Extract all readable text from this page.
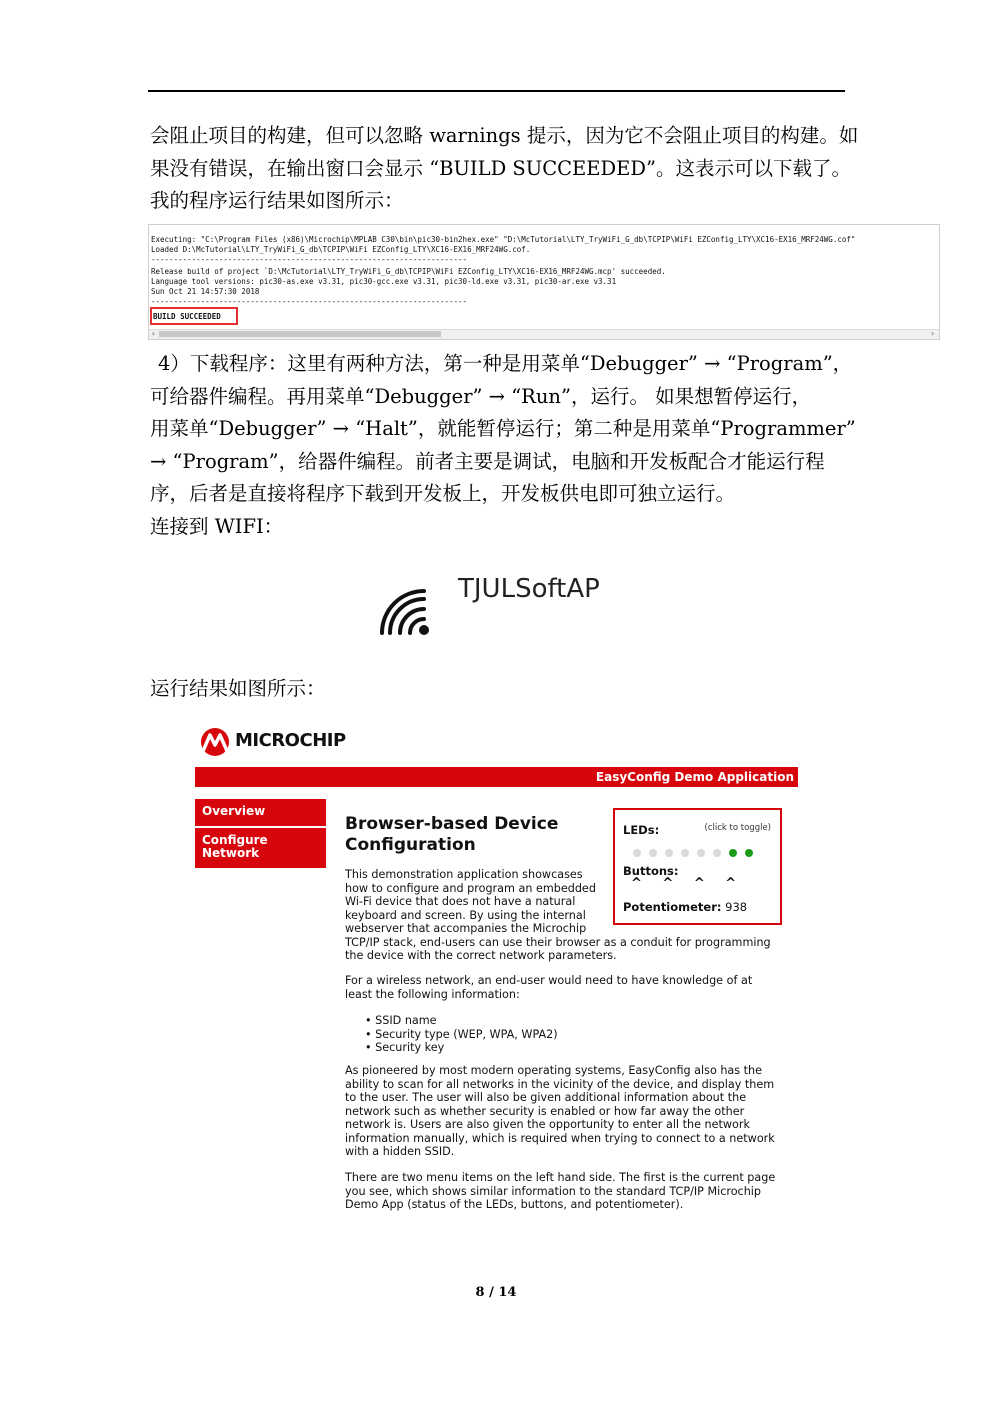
会阻止项目的构建，但可以忽略 warnings 提示，因为它不会阻止项目的构建。如

果没有错误，在输出窗口会显示 “BUILD SUCCEEDED”。这表示可以下载了。

我的程序运行结果如图所示：

Executing: "C:\Program Files (x86)\Microchip\MPLAB C30\bin\pic30-bin2hex.exe" "D:\McTutorial\LTY_TryWiFi_G_db\TCPIP\WiFi EZConfig_LTY\XC16-EX16_MRF24WG.cof"
Loaded D:\McTutorial\LTY_TryWiFi_G_db\TCPIP\WiFi EZConfig_LTY\XC16-EX16_MRF24WG.cof.
----------------------------------------------------------------------
Release build of project `D:\McTutorial\LTY_TryWiFi_G_db\TCPIP\WiFi EZConfig_LTY\XC16-EX16_MRF24WG.mcp' succeeded.
Language tool versions: pic30-as.exe v3.31, pic30-gcc.exe v3.31, pic30-ld.exe v3.31, pic30-ar.exe v3.31
Sun Oct 21 14:57:30 2018
----------------------------------------------------------------------
BUILD SUCCEEDED
‹	›

4）下载程序：这里有两种方法，第一种是用菜单“Debugger” → “Program”，

可给器件编程。再用菜单“Debugger” → “Run”，运行。 如果想暂停运行，

用菜单“Debugger” → “Halt”，就能暂停运行；第二种是用菜单“Programmer”

→ “Program”，给器件编程。前者主要是调试，电脑和开发板配合才能运行程

序，后者是直接将程序下载到开发板上，开发板供电即可独立运行。

连接到 WIFI：

TJULSoftAP

运行结果如图所示：

MICROCHIP
EasyConfig Demo Application
Overview
Configure Network
Browser-based Device
Configuration
LEDs:	(click to toggle)
Buttons:
^ ^ ^ ^
Potentiometer: 938
This demonstration application showcases
how to configure and program an embedded
Wi-Fi device that does not have a natural
keyboard and screen. By using the internal
webserver that accompanies the Microchip
TCP/IP stack, end-users can use their browser as a conduit for programming
the device with the correct network parameters.
For a wireless network, an end-user would need to have knowledge of at
least the following information:
• SSID name
• Security type (WEP, WPA, WPA2)
• Security key
As pioneered by most modern operating systems, EasyConfig also has the
ability to scan for all networks in the vicinity of the device, and display them
to the user. The user will also be given additional information about the
network such as whether security is enabled or how far away the other
network is. Users are also given the opportunity to enter all the network
information manually, which is required when trying to connect to a network
with a hidden SSID.
There are two menu items on the left hand side. The first is the current page
you see, which shows similar information to the standard TCP/IP Microchip
Demo App (status of the LEDs, buttons, and potentiometer).
8 / 14
